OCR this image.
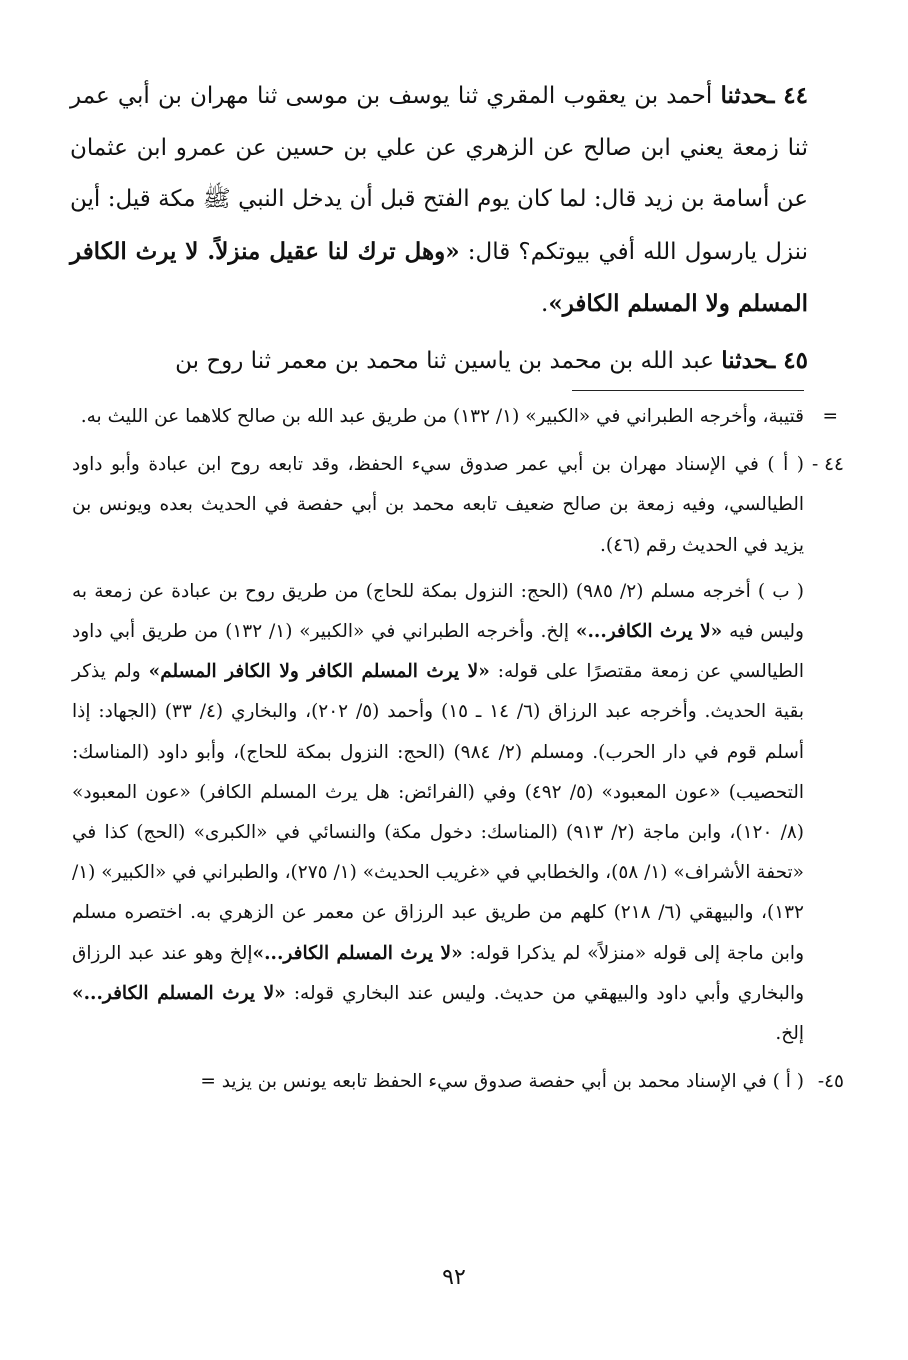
٤٤ ـحدثنا أحمد بن يعقوب المقري ثنا يوسف بن موسى ثنا مهران بن أبي عمر ثنا زمعة يعني ابن صالح عن الزهري عن علي بن حسين عن عمرو ابن عثمان عن أسامة بن زيد قال: لما كان يوم الفتح قبل أن يدخل النبي ﷺ مكة قيل: أين ننزل يارسول الله أفي بيوتكم؟ قال: «وهل ترك لنا عقيل منزلاً. لا يرث الكافر المسلم ولا المسلم الكافر».

٤٥ ـحدثنا عبد الله بن محمد بن ياسين ثنا محمد بن معمر ثنا روح بن

=
قتيبة، وأخرجه الطبراني في «الكبير» (١/ ١٣٢) من طريق عبد الله بن صالح كلاهما عن الليث به.

٤٤ -

( أ ) في الإسناد مهران بن أبي عمر صدوق سيء الحفظ، وقد تابعه روح ابن عبادة وأبو داود الطيالسي، وفيه زمعة بن صالح ضعيف تابعه محمد بن أبي حفصة في الحديث بعده ويونس بن يزيد في الحديث رقم (٤٦).

( ب ) أخرجه مسلم (٢/ ٩٨٥) (الحج: النزول بمكة للحاج) من طريق روح بن عبادة عن زمعة به وليس فيه «لا يرث الكافر...» إلخ. وأخرجه الطبراني في «الكبير» (١/ ١٣٢) من طريق أبي داود الطيالسي عن زمعة مقتصرًا على قوله: «لا يرث المسلم الكافر ولا الكافر المسلم» ولم يذكر بقية الحديث. وأخرجه عبد الرزاق (٦/ ١٤ ـ ١٥) وأحمد (٥/ ٢٠٢)، والبخاري (٤/ ٣٣) (الجهاد: إذا أسلم قوم في دار الحرب). ومسلم (٢/ ٩٨٤) (الحج: النزول بمكة للحاج)، وأبو داود (المناسك: التحصيب) «عون المعبود» (٥/ ٤٩٢) وفي (الفرائض: هل يرث المسلم الكافر) «عون المعبود» (٨/ ١٢٠)، وابن ماجة (٢/ ٩١٣) (المناسك: دخول مكة) والنسائي في «الكبرى» (الحج) كذا في «تحفة الأشراف» (١/ ٥٨)، والخطابي في «غريب الحديث» (١/ ٢٧٥)، والطبراني في «الكبير» (١/ ١٣٢)، والبيهقي (٦/ ٢١٨) كلهم من طريق عبد الرزاق عن معمر عن الزهري به. اختصره مسلم وابن ماجة إلى قوله «منزلاً» لم يذكرا قوله: «لا يرث المسلم الكافر...»إلخ وهو عند عبد الرزاق والبخاري وأبي داود والبيهقي من حديث. وليس عند البخاري قوله: «لا يرث المسلم الكافر...» إلخ.

٤٥-
( أ ) في الإسناد محمد بن أبي حفصة صدوق سيء الحفظ تابعه يونس بن يزيد =

٩٢
